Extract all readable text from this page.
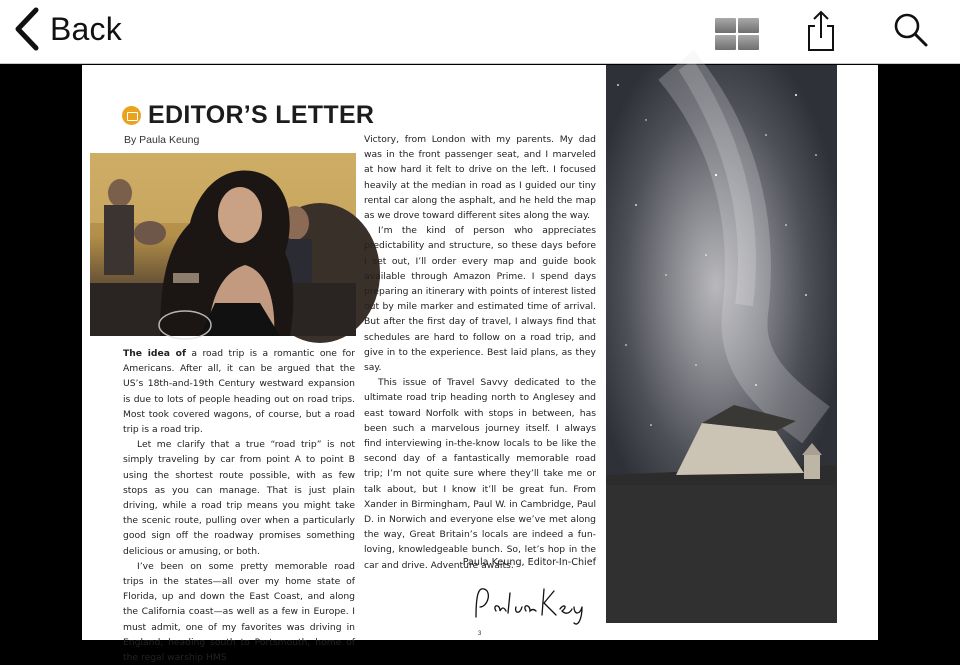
Back
EDITOR’S LETTER
By Paula Keung

The idea of a road trip is a romantic one for Americans. After all, it can be argued that the US’s 18th-and-19th Century westward expansion is due to lots of people heading out on road trips. Most took covered wagons, of course, but a road trip is a road trip.

Let me clarify that a true “road trip” is not simply traveling by car from point A to point B using the shortest route possible, with as few stops as you can manage. That is just plain driving, while a road trip means you might take the scenic route, pulling over when a particularly good sign off the roadway promises something delicious or amusing, or both.

I’ve been on some pretty memorable road trips in the states—all over my home state of Florida, up and down the East Coast, and along the California coast—as well as a few in Europe. I must admit, one of my favorites was driving in England, heading south to Portsmouth, home of the regal warship HMS

Victory, from London with my parents. My dad was in the front passenger seat, and I marveled at how hard it felt to drive on the left. I focused heavily at the median in road as I guided our tiny rental car along the asphalt, and he held the map as we drove toward different sites along the way.

I’m the kind of person who appreciates predictability and structure, so these days before I set out, I’ll order every map and guide book available through Amazon Prime. I spend days preparing an itinerary with points of interest listed out by mile marker and estimated time of arrival. But after the first day of travel, I always find that schedules are hard to follow on a road trip, and give in to the experience. Best laid plans, as they say.

This issue of Travel Savvy dedicated to the ultimate road trip heading north to Anglesey and east toward Norfolk with stops in between, has been such a marvelous journey itself. I always find interviewing in-the-know locals to be like the second day of a fantastically memorable road trip; I’m not quite sure where they’ll take me or talk about, but I know it’ll be great fun. From Xander in Birmingham, Paul W. in Cambridge, Paul D. in Norwich and everyone else we’ve met along the way, Great Britain’s locals are indeed a fun-loving, knowledgeable bunch. So, let’s hop in the car and drive. Adventure awaits.

Paula Keung, Editor-In-Chief
3
